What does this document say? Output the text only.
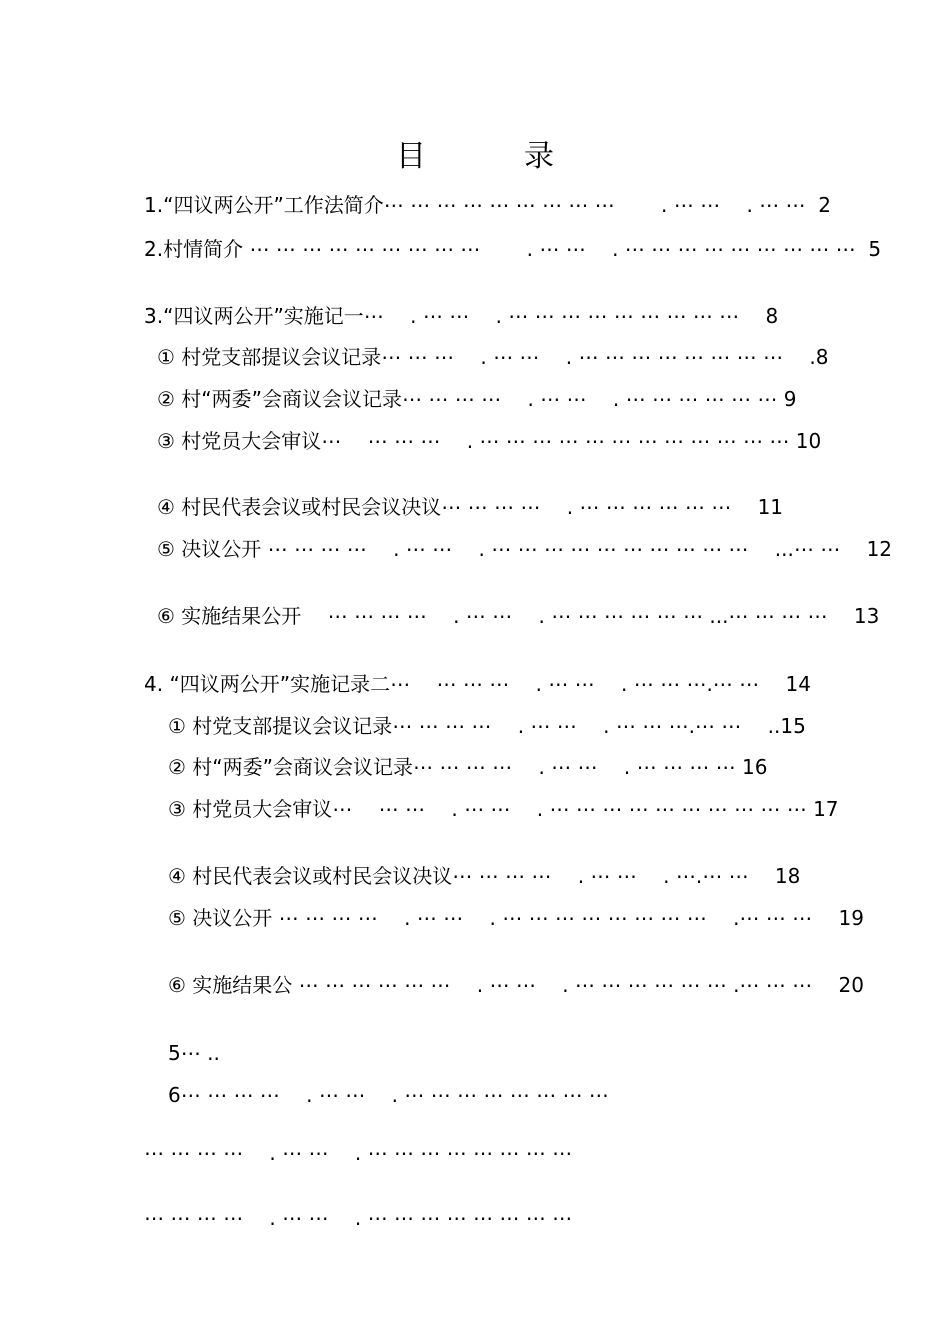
目　录

1.“四议两公开”工作法简介⋯ ⋯ ⋯ ⋯ ⋯ ⋯ ⋯ ⋯ ⋯ 　　. ⋯ ⋯ 　. ⋯ ⋯  2

2.村情简介 ⋯ ⋯ ⋯ ⋯ ⋯ ⋯ ⋯ ⋯ ⋯ 　　. ⋯ ⋯ 　. ⋯ ⋯ ⋯ ⋯ ⋯ ⋯ ⋯ ⋯ ⋯  5

3.“四议两公开”实施记一⋯ 　. ⋯ ⋯ 　. ⋯ ⋯ ⋯ ⋯ ⋯ ⋯ ⋯ ⋯ ⋯ 　8

① 村党支部提议会议记录⋯ ⋯ ⋯ 　. ⋯ ⋯ 　. ⋯ ⋯ ⋯ ⋯ ⋯ ⋯ ⋯ ⋯ 　.8

② 村“两委”会商议会议记录⋯ ⋯ ⋯ ⋯ 　. ⋯ ⋯ 　. ⋯ ⋯ ⋯ ⋯ ⋯ ⋯ 9

③ 村党员大会审议⋯ 　⋯ ⋯ ⋯ 　. ⋯ ⋯ ⋯ ⋯ ⋯ ⋯ ⋯ ⋯ ⋯ ⋯ ⋯ ⋯ 10

④ 村民代表会议或村民会议决议⋯ ⋯ ⋯ ⋯ 　. ⋯ ⋯ ⋯ ⋯ ⋯ ⋯ 　11

⑤ 决议公开 ⋯ ⋯ ⋯ ⋯ 　. ⋯ ⋯ 　. ⋯ ⋯ ⋯ ⋯ ⋯ ⋯ ⋯ ⋯ ⋯ ⋯ 　...⋯ ⋯ 　12

⑥ 实施结果公开 　⋯ ⋯ ⋯ ⋯ 　. ⋯ ⋯ 　. ⋯ ⋯ ⋯ ⋯ ⋯ ⋯ ...⋯ ⋯ ⋯ ⋯ 　13

4. “四议两公开”实施记录二⋯ 　⋯ ⋯ ⋯ 　. ⋯ ⋯ 　. ⋯ ⋯ ⋯.⋯ ⋯ 　14

① 村党支部提议会议记录⋯ ⋯ ⋯ ⋯ 　. ⋯ ⋯ 　. ⋯ ⋯ ⋯.⋯ ⋯ 　..15

② 村“两委”会商议会议记录⋯ ⋯ ⋯ ⋯ 　. ⋯ ⋯ 　. ⋯ ⋯ ⋯ ⋯ 16

③ 村党员大会审议⋯ 　⋯ ⋯ 　. ⋯ ⋯ 　. ⋯ ⋯ ⋯ ⋯ ⋯ ⋯ ⋯ ⋯ ⋯ ⋯ 17

④ 村民代表会议或村民会议决议⋯ ⋯ ⋯ ⋯ 　. ⋯ ⋯ 　. ⋯.⋯ ⋯ 　18

⑤ 决议公开 ⋯ ⋯ ⋯ ⋯ 　. ⋯ ⋯ 　. ⋯ ⋯ ⋯ ⋯ ⋯ ⋯ ⋯ ⋯ 　.⋯ ⋯ ⋯ 　19

⑥ 实施结果公 ⋯ ⋯ ⋯ ⋯ ⋯ ⋯ 　. ⋯ ⋯ 　. ⋯ ⋯ ⋯ ⋯ ⋯ ⋯ .⋯ ⋯ ⋯ 　20

5⋯ ..

6⋯ ⋯ ⋯ ⋯ 　. ⋯ ⋯ 　. ⋯ ⋯ ⋯ ⋯ ⋯ ⋯ ⋯ ⋯

⋯ ⋯ ⋯ ⋯ 　. ⋯ ⋯ 　. ⋯ ⋯ ⋯ ⋯ ⋯ ⋯ ⋯ ⋯

⋯ ⋯ ⋯ ⋯ 　. ⋯ ⋯ 　. ⋯ ⋯ ⋯ ⋯ ⋯ ⋯ ⋯ ⋯
